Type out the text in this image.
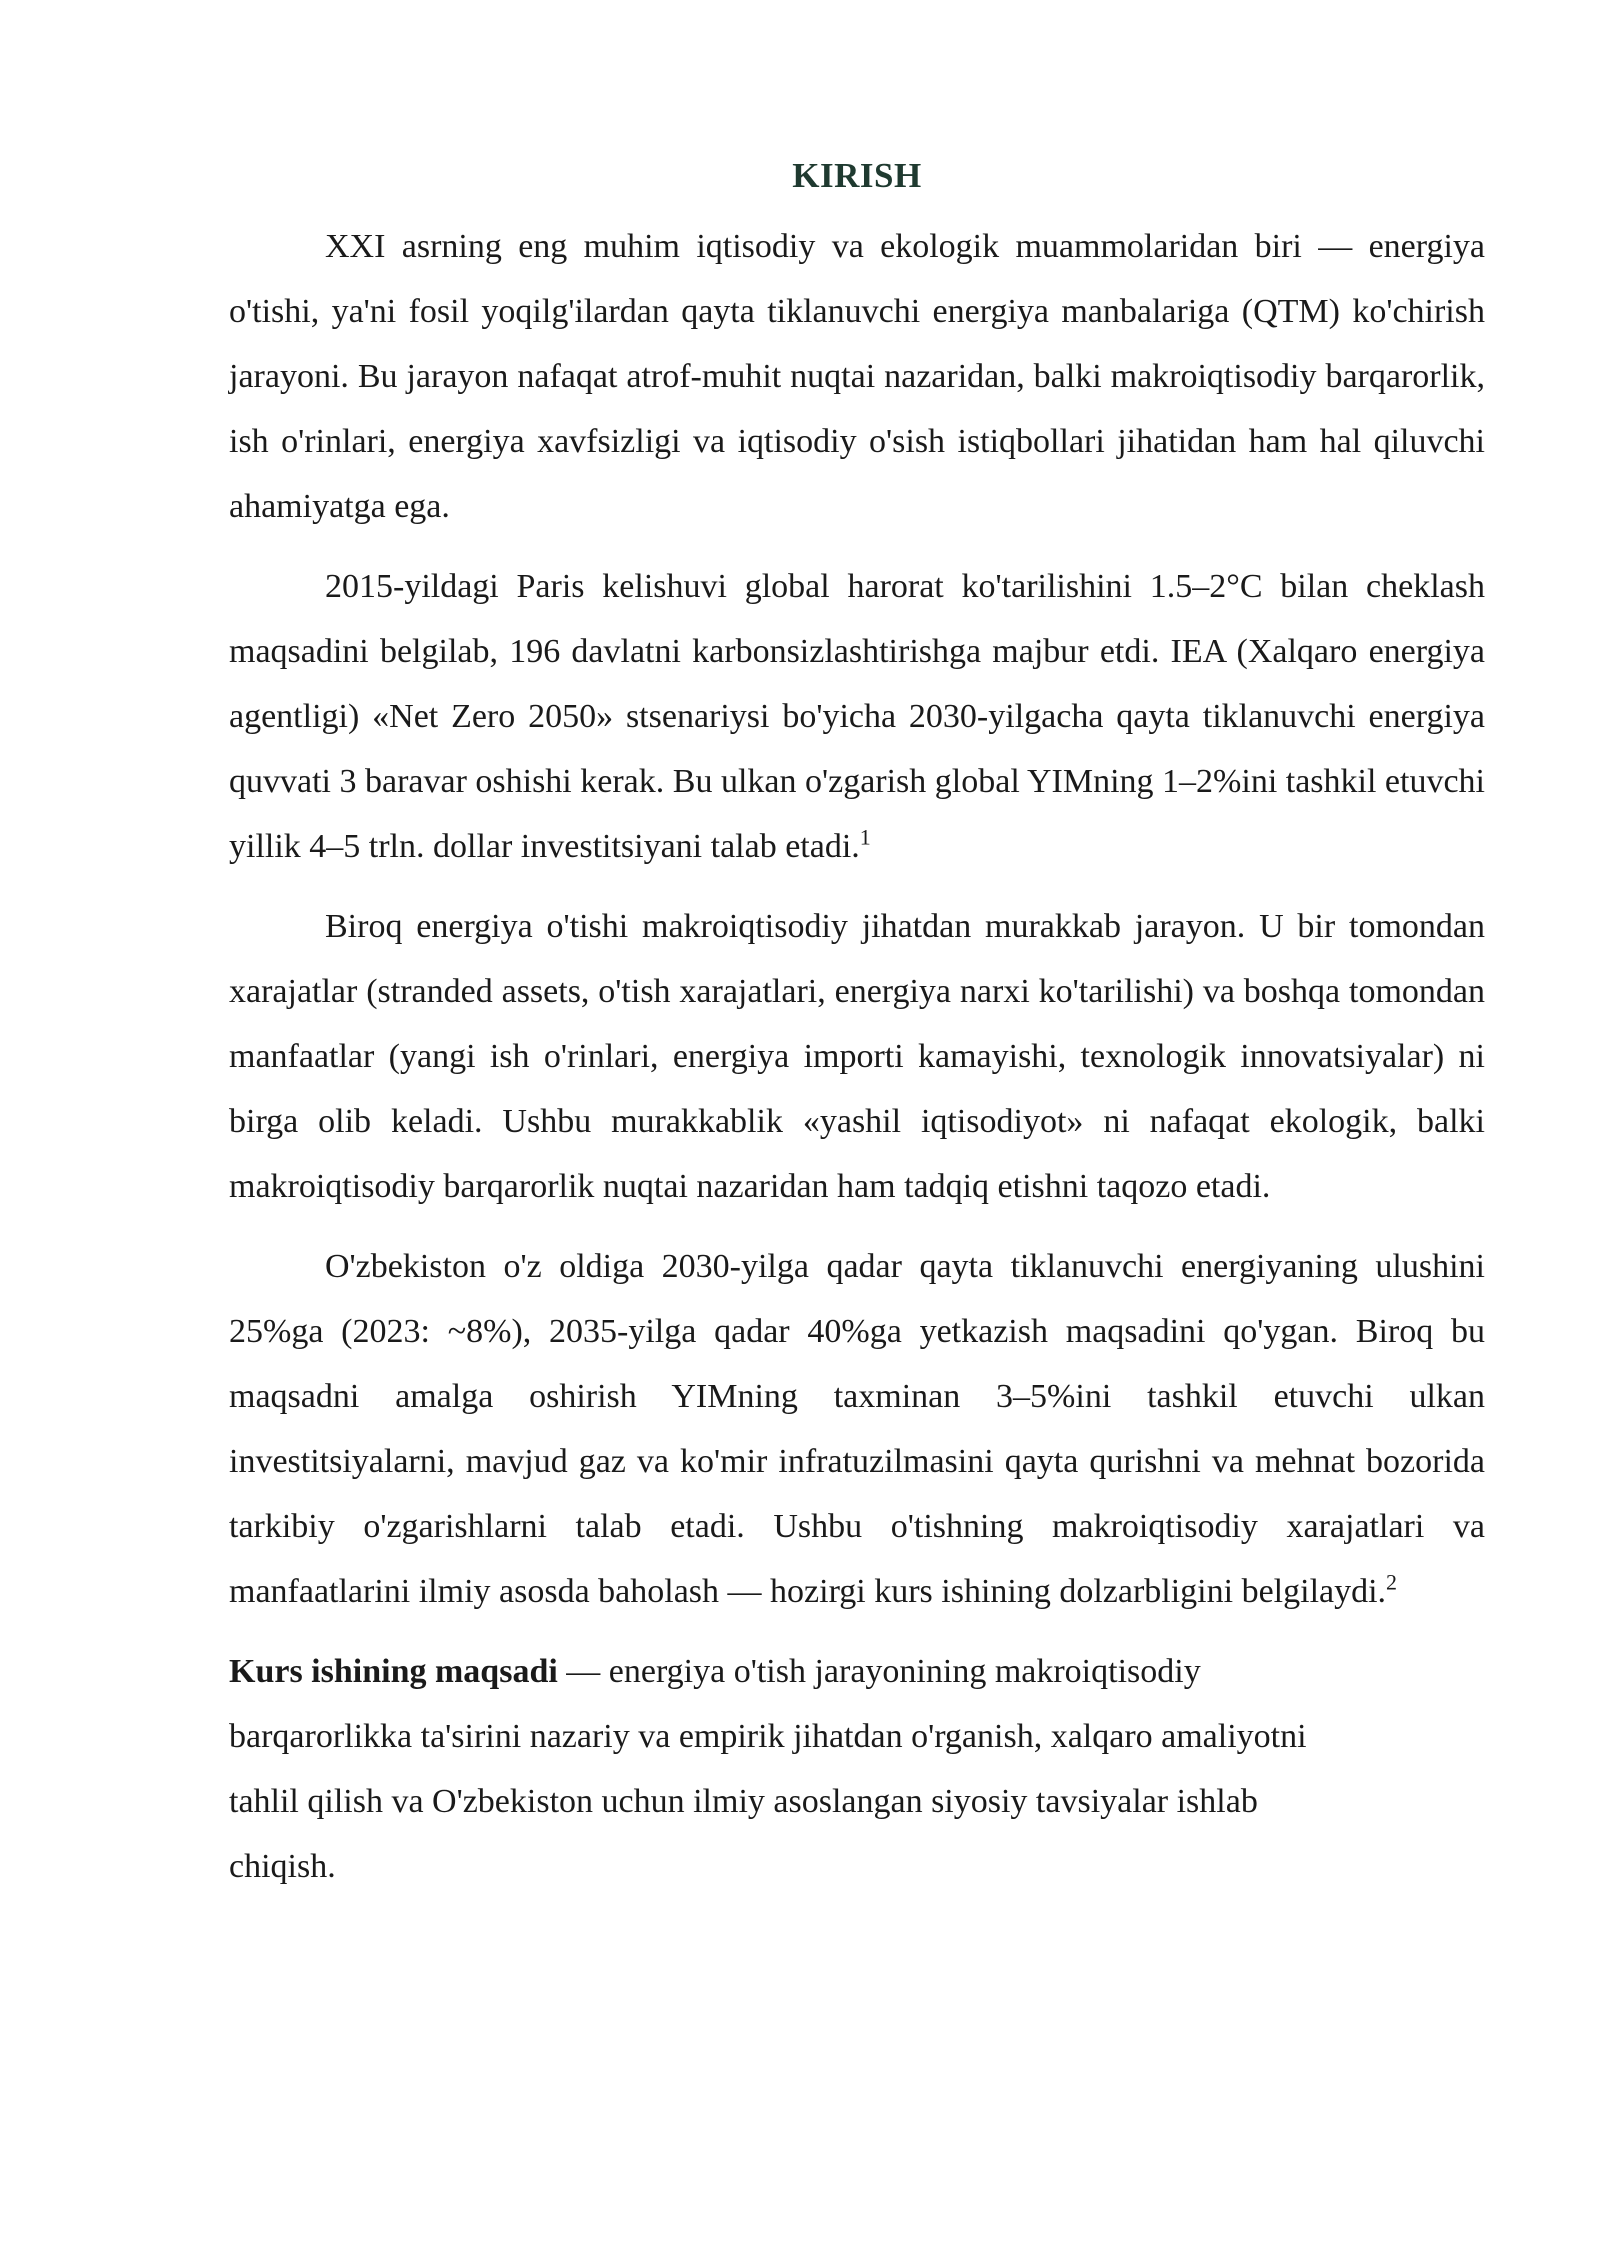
KIRISH

XXI asrning eng muhim iqtisodiy va ekologik muammolaridan biri — energiya o'tishi, ya'ni fosil yoqilg'ilardan qayta tiklanuvchi energiya manbalariga (QTM) ko'chirish jarayoni. Bu jarayon nafaqat atrof-muhit nuqtai nazaridan, balki makroiqtisodiy barqarorlik, ish o'rinlari, energiya xavfsizligi va iqtisodiy o'sish istiqbollari jihatidan ham hal qiluvchi ahamiyatga ega.

2015-yildagi Paris kelishuvi global harorat ko'tarilishini 1.5–2°C bilan cheklash maqsadini belgilab, 196 davlatni karbonsizlashtirishga majbur etdi. IEA (Xalqaro energiya agentligi) «Net Zero 2050» stsenariysi bo'yicha 2030-yilgacha qayta tiklanuvchi energiya quvvati 3 baravar oshishi kerak. Bu ulkan o'zgarish global YIMning 1–2%ini tashkil etuvchi yillik 4–5 trln. dollar investitsiyani talab etadi.$^1$

Biroq energiya o'tishi makroiqtisodiy jihatdan murakkab jarayon. U bir tomondan xarajatlar (stranded assets, o'tish xarajatlari, energiya narxi ko'tarilishi) va boshqa tomondan manfaatlar (yangi ish o'rinlari, energiya importi kamayishi, texnologik innovatsiyalar) ni birga olib keladi. Ushbu murakkablik «yashil iqtisodiyot» ni nafaqat ekologik, balki makroiqtisodiy barqarorlik nuqtai nazaridan ham tadqiq etishni taqozo etadi.

O'zbekiston o'z oldiga 2030-yilga qadar qayta tiklanuvchi energiyaning ulushini 25%ga (2023: ~8%), 2035-yilga qadar 40%ga yetkazish maqsadini qo'ygan. Biroq bu maqsadni amalga oshirish YIMning taxminan 3–5%ini tashkil etuvchi ulkan investitsiyalarni, mavjud gaz va ko'mir infratuzilmasini qayta qurishni va mehnat bozorida tarkibiy o'zgarishlarni talab etadi. Ushbu o'tishning makroiqtisodiy xarajatlari va manfaatlarini ilmiy asosda baholash — hozirgi kurs ishining dolzarbligini belgilaydi.$^2$

Kurs ishining maqsadi — energiya o'tish jarayonining makroiqtisodiy barqarorlikka ta'sirini nazariy va empirik jihatdan o'rganish, xalqaro amaliyotni tahlil qilish va O'zbekiston uchun ilmiy asoslangan siyosiy tavsiyalar ishlab chiqish.
